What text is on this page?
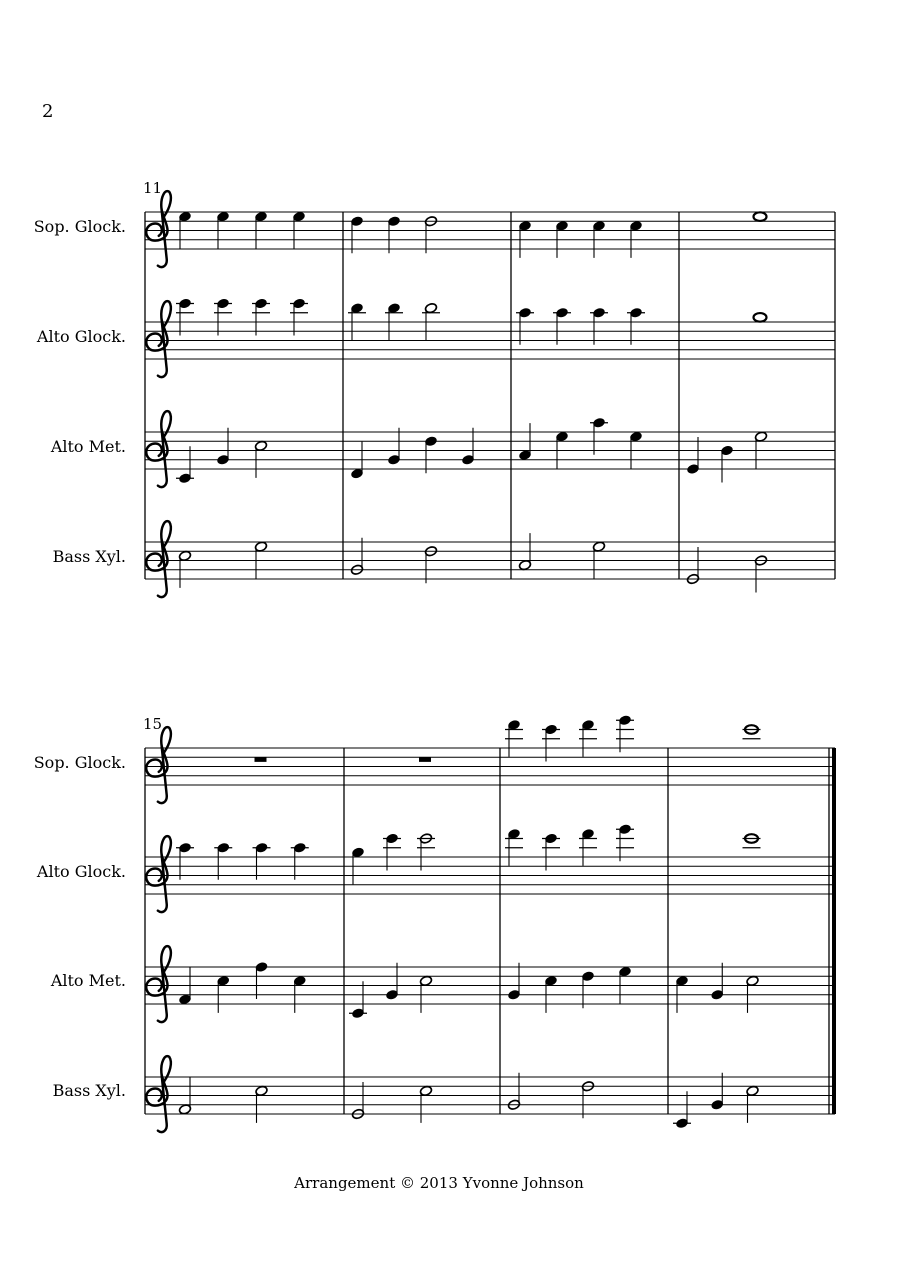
2
11
Sop. Glock.
Alto Glock.
Alto Met.
Bass Xyl.
15
Sop. Glock.
Alto Glock.
Alto Met.
Bass Xyl.
Arrangement © 2013 Yvonne Johnson
